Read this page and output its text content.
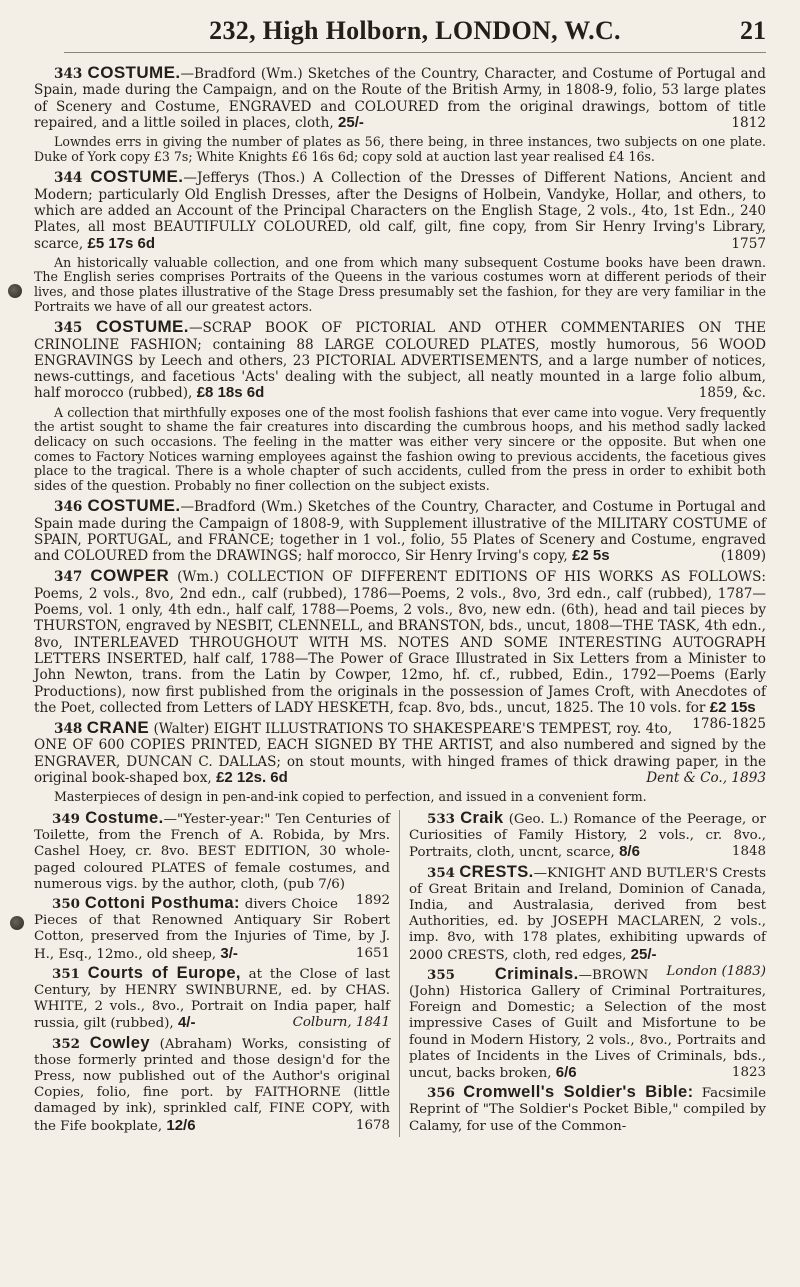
232, High Holborn, LONDON, W.C.	21

343 COSTUME.—Bradford (Wm.) Sketches of the Country, Character, and Costume of Portugal and Spain, made during the Campaign, and on the Route of the British Army, in 1808-9, folio, 53 large plates of Scenery and Costume, ENGRAVED and COLOURED from the original drawings, bottom of title repaired, and a little soiled in places, cloth, 25/-	1812

Lowndes errs in giving the number of plates as 56, there being, in three instances, two subjects on one plate. Duke of York copy £3 7s; White Knights £6 16s 6d; copy sold at auction last year realised £4 16s.

344 COSTUME.—Jefferys (Thos.) A Collection of the Dresses of Different Nations, Ancient and Modern; particularly Old English Dresses, after the Designs of Holbein, Vandyke, Hollar, and others, to which are added an Account of the Principal Characters on the English Stage, 2 vols., 4to, 1st Edn., 240 Plates, all most BEAUTIFULLY COLOURED, old calf, gilt, fine copy, from Sir Henry Irving's Library, scarce, £5 17s 6d	1757

An historically valuable collection, and one from which many subsequent Costume books have been drawn. The English series comprises Portraits of the Queens in the various costumes worn at different periods of their lives, and those plates illustrative of the Stage Dress presumably set the fashion, for they are very familiar in the Portraits we have of all our greatest actors.

345 COSTUME.—SCRAP BOOK OF PICTORIAL AND OTHER COMMENTARIES ON THE CRINOLINE FASHION; containing 88 LARGE COLOURED PLATES, mostly humorous, 56 WOOD ENGRAVINGS by Leech and others, 23 PICTORIAL ADVERTISEMENTS, and a large number of notices, news-cuttings, and facetious 'Acts' dealing with the subject, all neatly mounted in a large folio album, half morocco (rubbed), £8 18s 6d	1859, &c.

A collection that mirthfully exposes one of the most foolish fashions that ever came into vogue. Very frequently the artist sought to shame the fair creatures into discarding the cumbrous hoops, and his method sadly lacked delicacy on such occasions. The feeling in the matter was either very sincere or the opposite. But when one comes to Factory Notices warning employees against the fashion owing to previous accidents, the facetious gives place to the tragical. There is a whole chapter of such accidents, culled from the press in order to exhibit both sides of the question. Probably no finer collection on the subject exists.

346 COSTUME.—Bradford (Wm.) Sketches of the Country, Character, and Costume in Portugal and Spain made during the Campaign of 1808-9, with Supplement illustrative of the MILITARY COSTUME of SPAIN, PORTUGAL, and FRANCE; together in 1 vol., folio, 55 Plates of Scenery and Costume, engraved and COLOURED from the DRAWINGS; half morocco, Sir Henry Irving's copy, £2 5s	(1809)

347 COWPER (Wm.) COLLECTION OF DIFFERENT EDITIONS OF HIS WORKS AS FOLLOWS: Poems, 2 vols., 8vo, 2nd edn., calf (rubbed), 1786—Poems, 2 vols., 8vo, 3rd edn., calf (rubbed), 1787—Poems, vol. 1 only, 4th edn., half calf, 1788—Poems, 2 vols., 8vo, new edn. (6th), head and tail pieces by THURSTON, engraved by NESBIT, CLENNELL, and BRANSTON, bds., uncut, 1808—THE TASK, 4th edn., 8vo, INTERLEAVED THROUGHOUT WITH MS. NOTES AND SOME INTERESTING AUTOGRAPH LETTERS INSERTED, half calf, 1788—The Power of Grace Illustrated in Six Letters from a Minister to John Newton, trans. from the Latin by Cowper, 12mo, hf. cf., rubbed, Edin., 1792—Poems (Early Productions), now first published from the originals in the possession of James Croft, with Anecdotes of the Poet, collected from Letters of LADY HESKETH, fcap. 8vo, bds., uncut, 1825. The 10 vols. for £2 15s
1786-1825

348 CRANE (Walter) EIGHT ILLUSTRATIONS TO SHAKESPEARE'S TEMPEST, roy. 4to, ONE OF 600 COPIES PRINTED, EACH SIGNED BY THE ARTIST, and also numbered and signed by the ENGRAVER, DUNCAN C. DALLAS; on stout mounts, with hinged frames of thick drawing paper, in the original book-shaped box, £2 12s. 6d	Dent & Co., 1893

Masterpieces of design in pen-and-ink copied to perfection, and issued in a convenient form.

349 Costume.—"Yester-year:" Ten Centuries of Toilette, from the French of A. Robida, by Mrs. Cashel Hoey, cr. 8vo. BEST EDITION, 30 whole-paged coloured PLATES of female costumes, and numerous vigs. by the author, cloth, (pub 7/6)
1892

350 Cottoni Posthuma: divers Choice Pieces of that Renowned Antiquary Sir Robert Cotton, preserved from the Injuries of Time, by J. H., Esq., 12mo., old sheep, 3/-	1651

351 Courts of Europe, at the Close of last Century, by HENRY SWINBURNE, ed. by CHAS. WHITE, 2 vols., 8vo., Portrait on India paper, half russia, gilt (rubbed), 4/-	Colburn, 1841

352 Cowley (Abraham) Works, consisting of those formerly printed and those design'd for the Press, now published out of the Author's original Copies, folio, fine port. by FAITHORNE (little damaged by ink), sprinkled calf, FINE COPY, with the Fife bookplate, 12/6	1678

533 Craik (Geo. L.) Romance of the Peerage, or Curiosities of Family History, 2 vols., cr. 8vo., Portraits, cloth, uncnt, scarce, 8/6	1848

354 CRESTS.—KNIGHT AND BUTLER'S Crests of Great Britain and Ireland, Dominion of Canada, India, and Australasia, derived from best Authorities, ed. by JOSEPH MACLAREN, 2 vols., imp. 8vo, with 178 plates, exhibiting upwards of 2000 CRESTS, cloth, red edges, 25/-
London (1883)

355 Criminals.—BROWN (John) Historica Gallery of Criminal Portraitures, Foreign and Domestic; a Selection of the most impressive Cases of Guilt and Misfortune to be found in Modern History, 2 vols., 8vo., Portraits and plates of Incidents in the Lives of Criminals, bds., uncut, backs broken, 6/6	1823

356 Cromwell's Soldier's Bible: Facsimile Reprint of "The Soldier's Pocket Bible," compiled by Calamy, for use of the Common-
